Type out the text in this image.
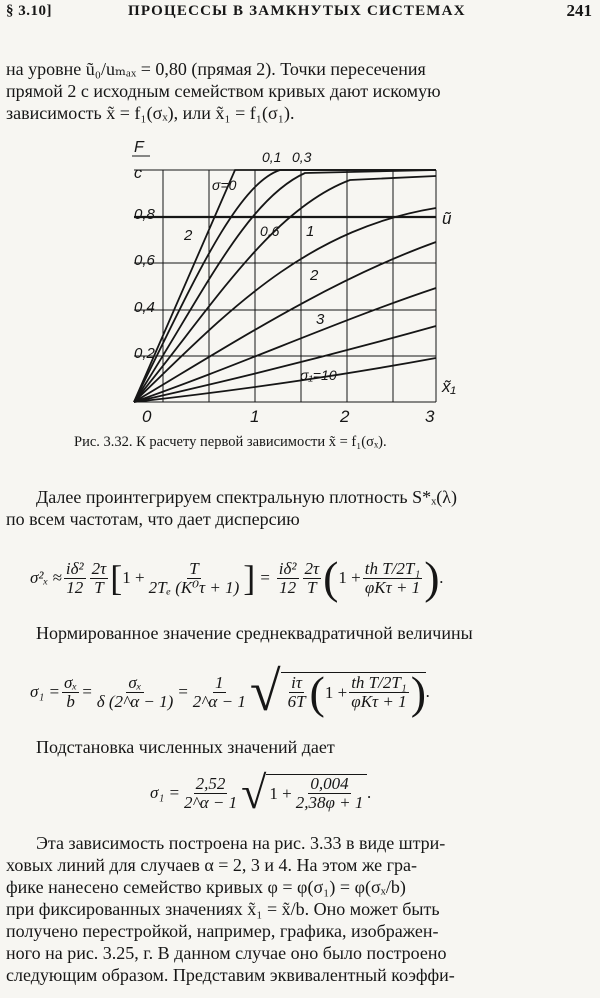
§ 3.10]	ПРОЦЕССЫ В ЗАМКНУТЫХ СИСТЕМАХ	241
на уровне ũ₀/uₘₐₓ = 0,80 (прямая 2). Точки пересечения
прямой 2 с исходным семейством кривых дают искомую
зависимость x̃ = f₁(σₓ), или x̃₁ = f₁(σ₁).
F̃
c
ũ
x̃₁
0,2
0,4
0,6
0,8
0	1	2	3
σ=0
0,1 0,3
0,6 1
2
3
σ₁=10
2
Рис. 3.32. К расчету первой зависимости x̃ = f₁(σₓ).
Далее проинтегрируем спектральную плотность S*ₓ(λ)
по всем частотам, что дает дисперсию
$\sigma^2_x \approx \frac{\text{iδ²}}{12} \frac{2\tau}{T}$ [ $1 + \frac{T}{\text{2Tₑ (K⁰τ + 1)}}$ ] = $\frac{\text{iδ²}}{12} \frac{2\tau}{T}$ ( $1 + \frac{\text{th T/2T₁}}{\text{φKτ + 1}}$ ) .
Нормированное значение среднеквадратичной величины
$\sigma_1 = \frac{\text{σₓ}}{b} = \frac{\text{σₓ}}{\delta (2\^{}\alpha - 1)} = \frac{1}{2\^{}\alpha - 1}$ √ $\frac{i\tau}{6T}$ ( $1 + \frac{\text{th T/2T₁}}{\text{φKτ + 1}}$ ) .
Подстановка численных значений дает
$\sigma_1 = \frac{2,52}{2\^{}\alpha - 1}$ √ $1 + \frac{0,004}{2,38\varphi + 1}$ .
Эта зависимость построена на рис. 3.33 в виде штри-
ховых линий для случаев α = 2, 3 и 4. На этом же гра-
фике нанесено семейство кривых φ = φ(σ₁) = φ(σₓ/b)
при фиксированных значениях x̃₁ = x̃/b. Оно может быть
получено перестройкой, например, графика, изображен-
ного на рис. 3.25, г. В данном случае оно было построено
следующим образом. Представим эквивалентный коэффи-
